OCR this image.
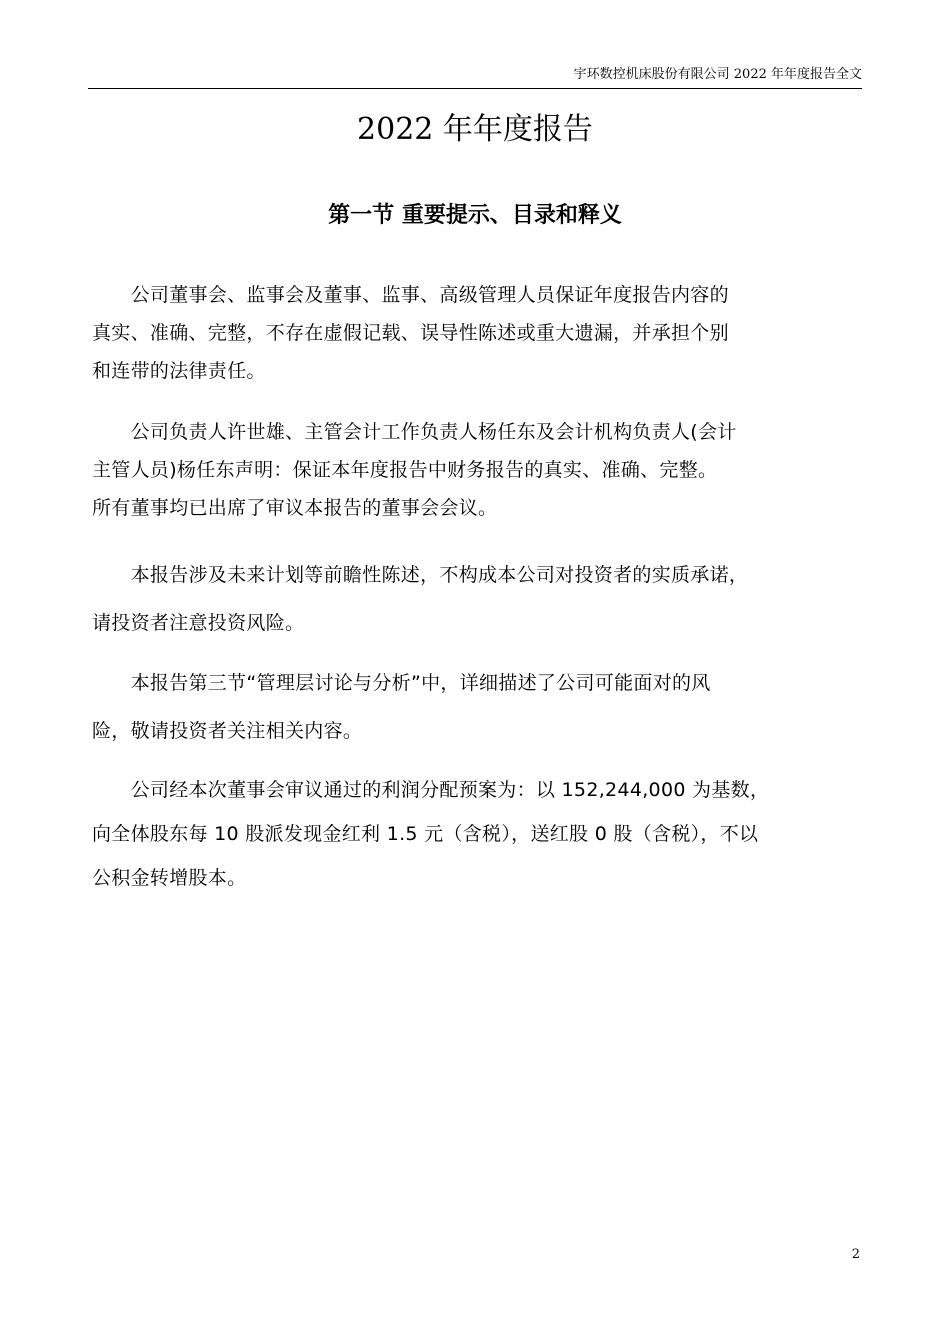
宇环数控机床股份有限公司 2022 年年度报告全文
2022 年年度报告
第一节 重要提示、目录和释义
　　公司董事会、监事会及董事、监事、高级管理人员保证年度报告内容的
真实、准确、完整，不存在虚假记载、误导性陈述或重大遗漏，并承担个别
和连带的法律责任。
　　公司负责人许世雄、主管会计工作负责人杨任东及会计机构负责人(会计
主管人员)杨任东声明：保证本年度报告中财务报告的真实、准确、完整。
所有董事均已出席了审议本报告的董事会会议。
　　本报告涉及未来计划等前瞻性陈述，不构成本公司对投资者的实质承诺，
请投资者注意投资风险。
　　本报告第三节“管理层讨论与分析”中，详细描述了公司可能面对的风
险，敬请投资者关注相关内容。
　　公司经本次董事会审议通过的利润分配预案为：以 152,244,000 为基数，
向全体股东每 10 股派发现金红利 1.5 元（含税），送红股 0 股（含税），不以
公积金转增股本。
2
